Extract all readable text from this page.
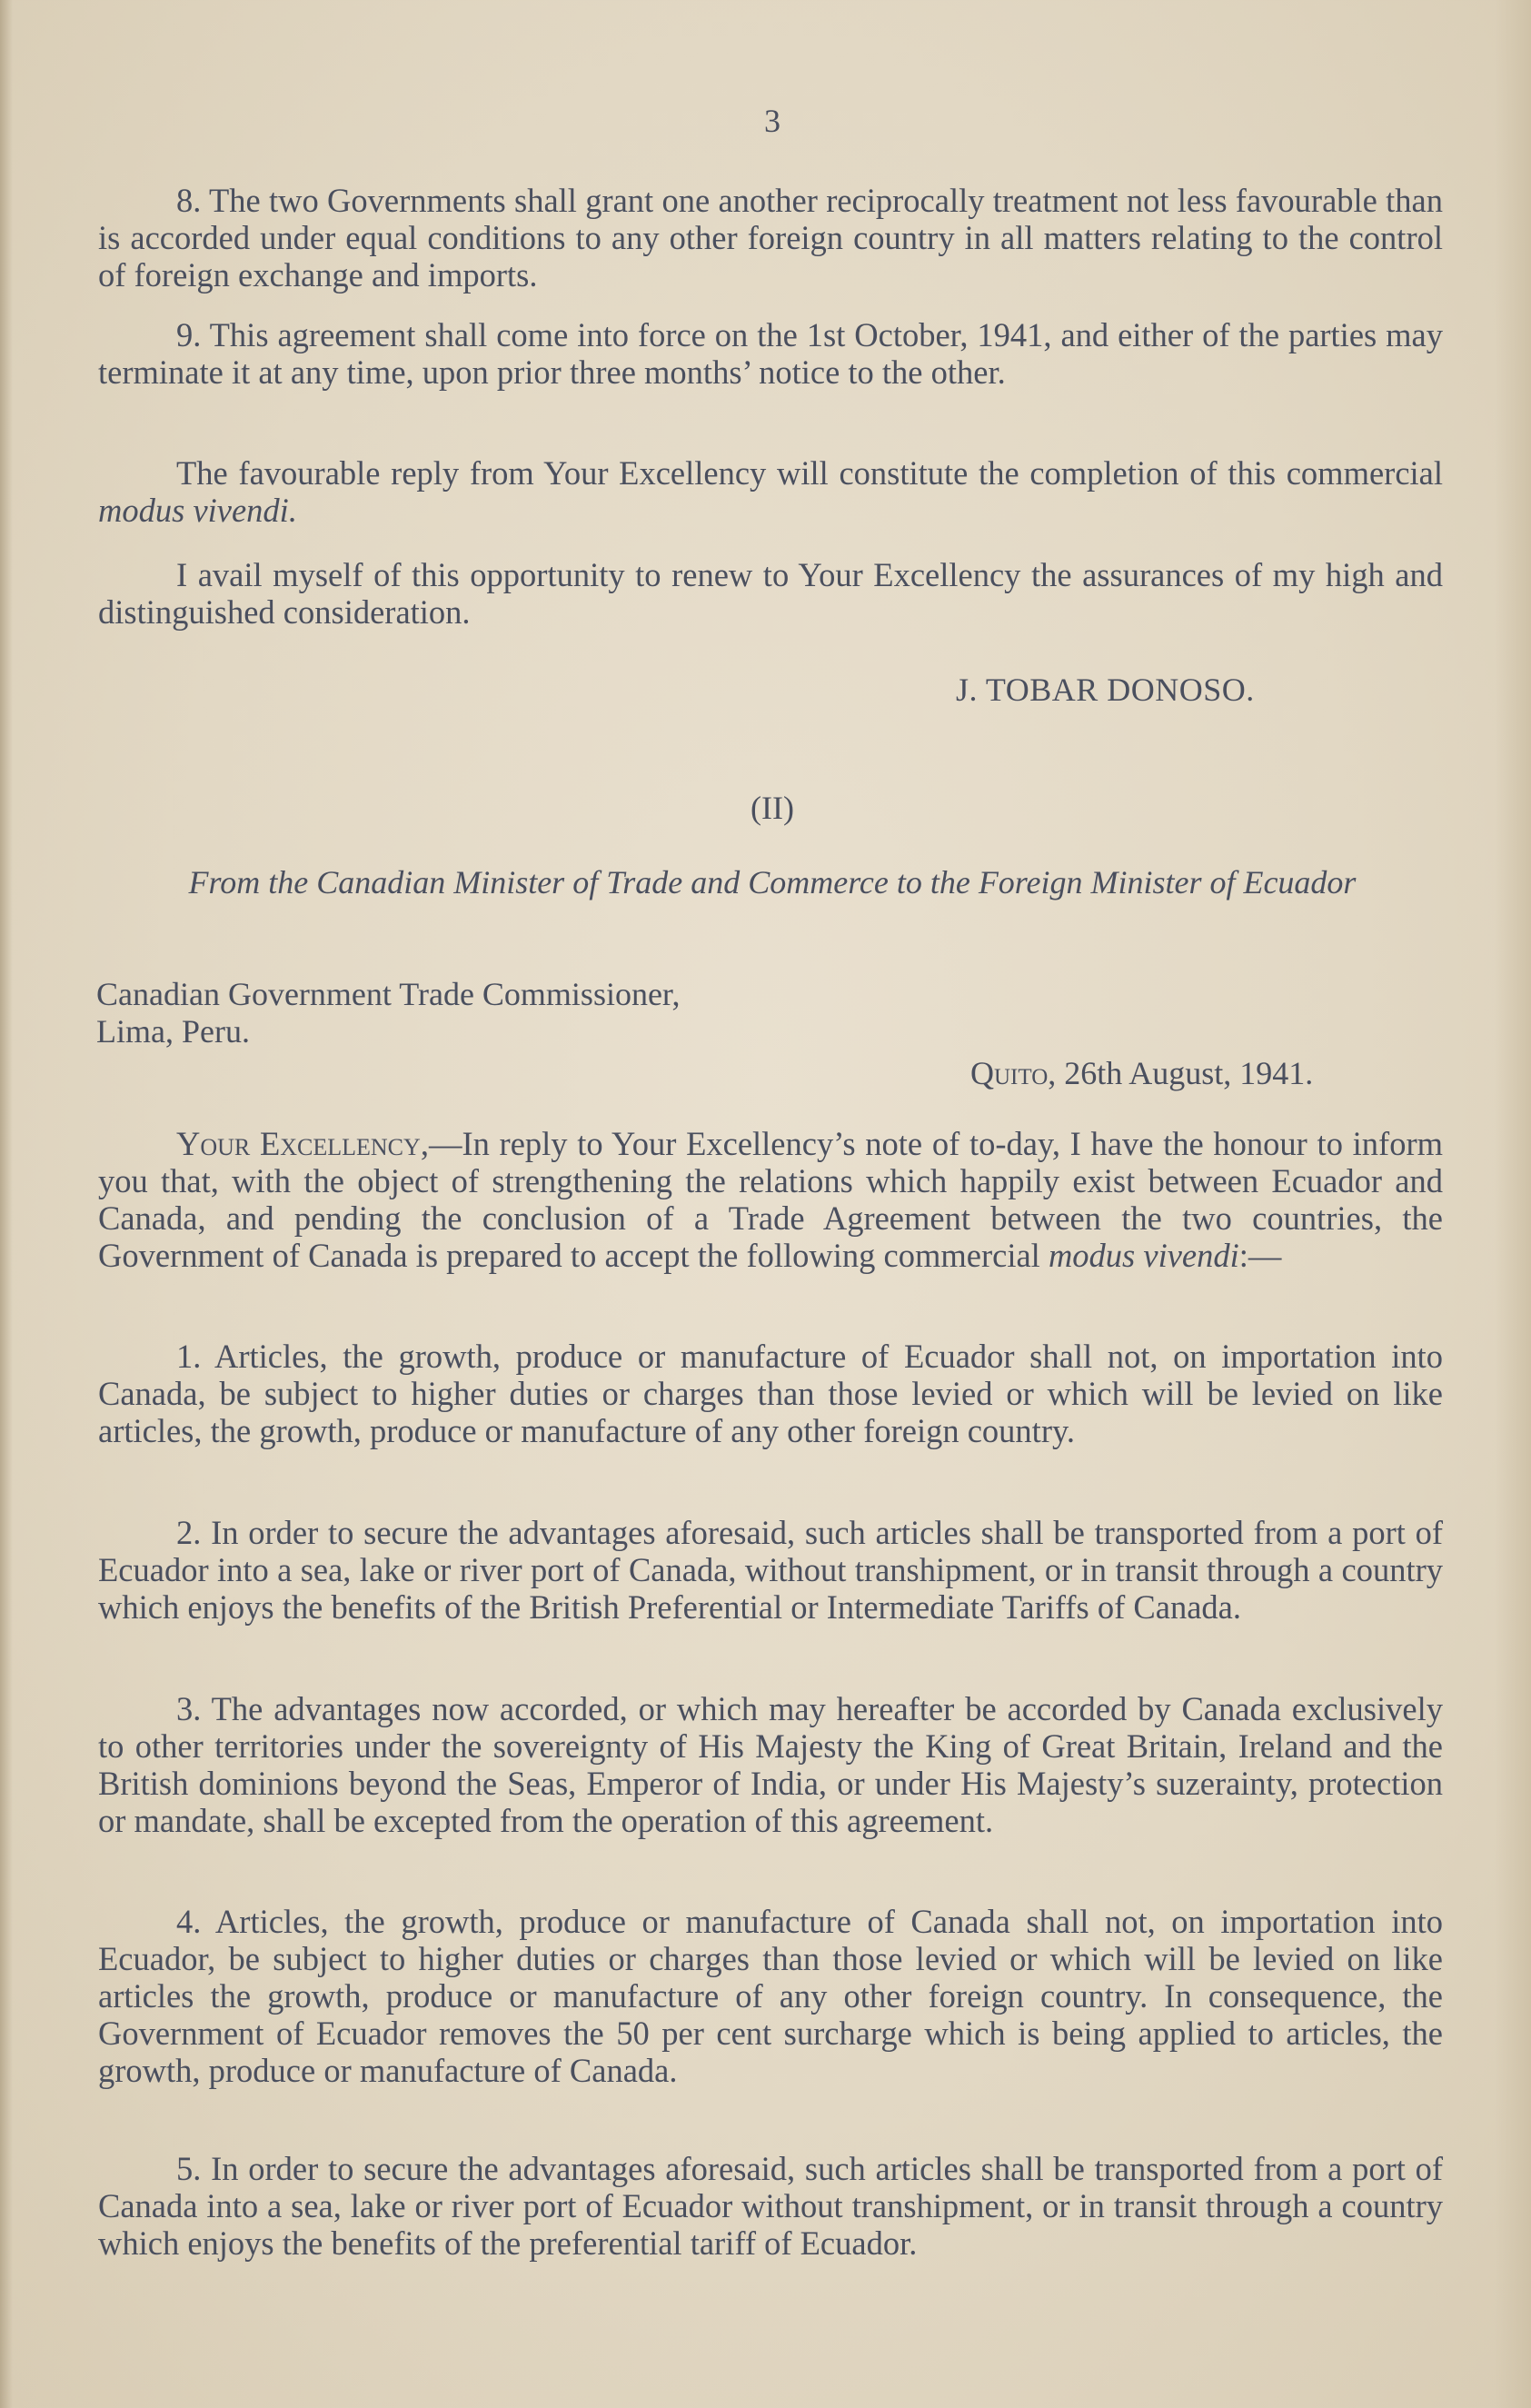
3

8. The two Governments shall grant one another reciprocally treatment not less favourable than is accorded under equal conditions to any other foreign country in all matters relating to the control of foreign exchange and imports.

9. This agreement shall come into force on the 1st October, 1941, and either of the parties may terminate it at any time, upon prior three months’ notice to the other.

The favourable reply from Your Excellency will constitute the completion of this commercial modus vivendi.

I avail myself of this opportunity to renew to Your Excellency the assurances of my high and distinguished consideration.

J. TOBAR DONOSO.
(II)
From the Canadian Minister of Trade and Commerce to the Foreign Minister of Ecuador
Canadian Government Trade Commissioner,
Lima, Peru.
Quito, 26th August, 1941.

Your Excellency,—In reply to Your Excellency’s note of to-day, I have the honour to inform you that, with the object of strengthening the relations which happily exist between Ecuador and Canada, and pending the conclusion of a Trade Agreement between the two countries, the Government of Canada is prepared to accept the following commercial modus vivendi:—

1. Articles, the growth, produce or manufacture of Ecuador shall not, on importation into Canada, be subject to higher duties or charges than those levied or which will be levied on like articles, the growth, produce or manufacture of any other foreign country.

2. In order to secure the advantages aforesaid, such articles shall be transported from a port of Ecuador into a sea, lake or river port of Canada, without transhipment, or in transit through a country which enjoys the benefits of the British Preferential or Intermediate Tariffs of Canada.

3. The advantages now accorded, or which may hereafter be accorded by Canada exclusively to other territories under the sovereignty of His Majesty the King of Great Britain, Ireland and the British dominions beyond the Seas, Emperor of India, or under His Majesty’s suzerainty, protection or mandate, shall be excepted from the operation of this agreement.

4. Articles, the growth, produce or manufacture of Canada shall not, on importation into Ecuador, be subject to higher duties or charges than those levied or which will be levied on like articles the growth, produce or manufacture of any other foreign country. In consequence, the Government of Ecuador removes the 50 per cent surcharge which is being applied to articles, the growth, produce or manufacture of Canada.

5. In order to secure the advantages aforesaid, such articles shall be transported from a port of Canada into a sea, lake or river port of Ecuador without transhipment, or in transit through a country which enjoys the benefits of the preferential tariff of Ecuador.
